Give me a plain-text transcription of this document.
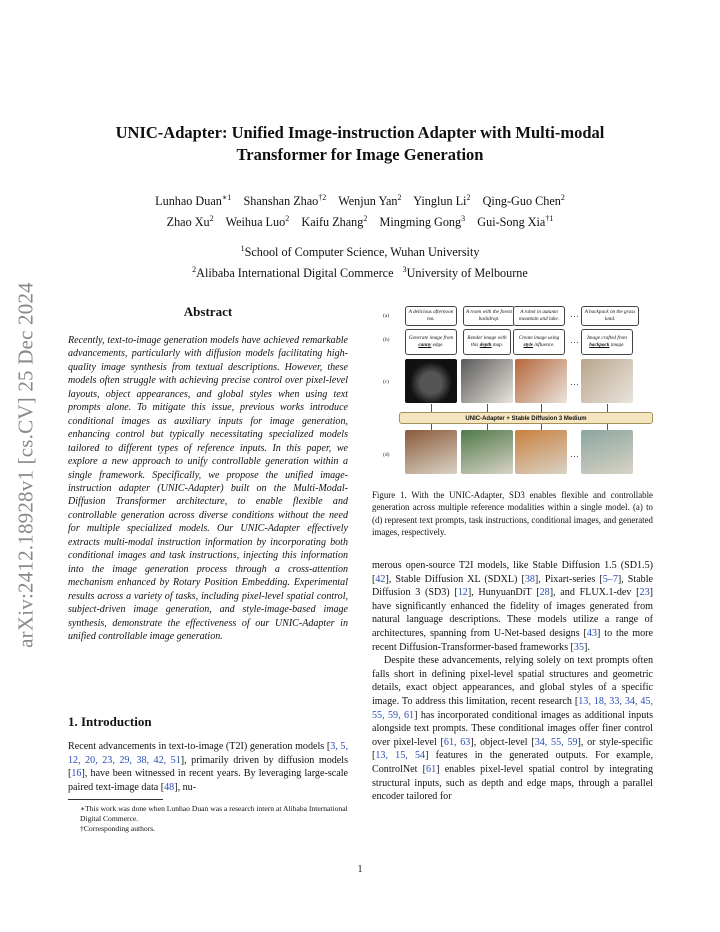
arXiv:2412.18928v1 [cs.CV] 25 Dec 2024
UNIC-Adapter: Unified Image-instruction Adapter with Multi-modal
Transformer for Image Generation
Lunhao Duan$^{∗1}$ Shanshan Zhao$^{\dagger 2}$ Wenjun Yan$^2$ Yinglun Li$^2$ Qing-Guo Chen$^2$
Zhao Xu$^2$ Weihua Luo$^2$ Kaifu Zhang$^2$ Mingming Gong$^3$ Gui-Song Xia$^{\dagger 1}$
$^1$School of Computer Science, Wuhan University
$^2$Alibaba International Digital Commerce $^3$University of Melbourne
Abstract
Recently, text-to-image generation models have achieved remarkable advancements, particularly with diffusion models facilitating high-quality image synthesis from textual descriptions. However, these models often struggle with achieving precise control over pixel-level layouts, object appearances, and global styles when using text prompts alone. To mitigate this issue, previous works introduce conditional images as auxiliary inputs for image generation, enhancing control but typically necessitating specialized models tailored to different types of reference inputs. In this paper, we explore a new approach to unify controllable generation within a single framework. Specifically, we propose the unified image-instruction adapter (UNIC-Adapter) built on the Multi-Modal-Diffusion Transformer architecture, to enable flexible and controllable generation across diverse conditions without the need for multiple specialized models. Our UNIC-Adapter effectively extracts multi-modal instruction information by incorporating both conditional images and task instructions, injecting this information into the image generation process through a cross-attention mechanism enhanced by Rotary Position Embedding. Experimental results across a variety of tasks, including pixel-level spatial control, subject-driven image generation, and style-image-based image synthesis, demonstrate the effectiveness of our UNIC-Adapter in unified controllable image generation.
1. Introduction
Recent advancements in text-to-image (T2I) generation models [3, 5, 12, 20, 23, 29, 38, 42, 51], primarily driven by diffusion models [16], have been witnessed in recent years. By leveraging large-scale paired text-image data [48], nu-

∗This work was done when Lunhao Duan was a research intern at Alibaba International Digital Commerce.

†Corresponding authors.

(a)
(b)
(c)
(d)
A delicious afternoon tea.
A room with the forest backdrop.
A robot in autumn mountain and lake.	…	A backpack on the grass land.
Generate image from canny edge.
Render image with this depth map.
Create image using style influence.	…	Image crafted from backpack image.
…
UNIC-Adapter + Stable Diffusion 3 Medium
…
Figure 1. With the UNIC-Adapter, SD3 enables flexible and controllable generation across multiple reference modalities within a single model. (a) to (d) represent text prompts, task instructions, conditional images, and generated images, respectively.

merous open-source T2I models, like Stable Diffusion 1.5 (SD1.5) [42], Stable Diffusion XL (SDXL) [38], Pixart-series [5–7], Stable Diffusion 3 (SD3) [12], HunyuanDiT [28], and FLUX.1-dev [23] have significantly enhanced the fidelity of images generated from natural language descriptions. These models utilize a range of architectures, spanning from U-Net-based designs [43] to the more recent Diffusion-Transformer-based frameworks [35].

Despite these advancements, relying solely on text prompts often falls short in defining pixel-level spatial structures and geometric details, exact object appearances, and global styles of a specific image. To address this limitation, recent research [13, 18, 33, 34, 45, 55, 59, 61] has incorporated conditional images as additional inputs alongside text prompts. These conditional images offer finer control over pixel-level [61, 63], object-level [34, 55, 59], or style-specific [13, 15, 54] features in the generated outputs. For example, ControlNet [61] enables pixel-level spatial control by integrating structural inputs, such as depth and edge maps, through a parallel encoder tailored for

1
